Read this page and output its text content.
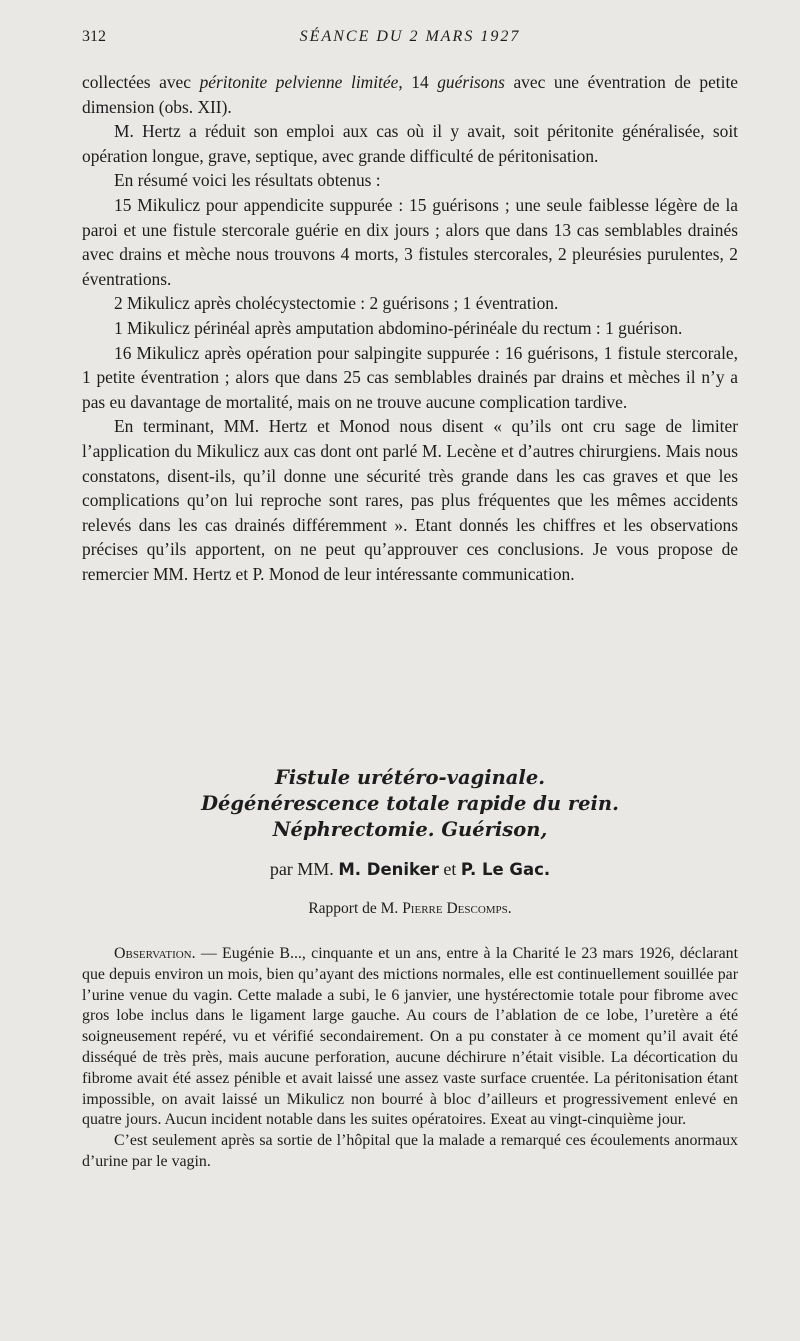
312	SÉANCE DU 2 MARS 1927

collectées avec péritonite pelvienne limitée, 14 guérisons avec une éventration de petite dimension (obs. XII).

M. Hertz a réduit son emploi aux cas où il y avait, soit péritonite généralisée, soit opération longue, grave, septique, avec grande difficulté de péritonisation.

En résumé voici les résultats obtenus :

15 Mikulicz pour appendicite suppurée : 15 guérisons ; une seule faiblesse légère de la paroi et une fistule stercorale guérie en dix jours ; alors que dans 13 cas semblables drainés avec drains et mèche nous trouvons 4 morts, 3 fistules stercorales, 2 pleurésies purulentes, 2 éventrations.

2 Mikulicz après cholécystectomie : 2 guérisons ; 1 éventration.

1 Mikulicz périnéal après amputation abdomino-périnéale du rectum : 1 guérison.

16 Mikulicz après opération pour salpingite suppurée : 16 guérisons, 1 fistule stercorale, 1 petite éventration ; alors que dans 25 cas semblables drainés par drains et mèches il n’y a pas eu davantage de mortalité, mais on ne trouve aucune complication tardive.

En terminant, MM. Hertz et Monod nous disent « qu’ils ont cru sage de limiter l’application du Mikulicz aux cas dont ont parlé M. Lecène et d’autres chirurgiens. Mais nous constatons, disent-ils, qu’il donne une sécurité très grande dans les cas graves et que les complications qu’on lui reproche sont rares, pas plus fréquentes que les mêmes accidents relevés dans les cas drainés différemment ». Etant donnés les chiffres et les observations précises qu’ils apportent, on ne peut qu’approuver ces conclusions. Je vous propose de remercier MM. Hertz et P. Monod de leur intéressante communication.

Fistule urétéro-vaginale.
Dégénérescence totale rapide du rein.
Néphrectomie. Guérison,
par MM. M. Deniker et P. Le Gac.
Rapport de M. Pierre Descomps.

Observation. — Eugénie B..., cinquante et un ans, entre à la Charité le 23 mars 1926, déclarant que depuis environ un mois, bien qu’ayant des mictions normales, elle est continuellement souillée par l’urine venue du vagin. Cette malade a subi, le 6 janvier, une hystérectomie totale pour fibrome avec gros lobe inclus dans le ligament large gauche. Au cours de l’ablation de ce lobe, l’uretère a été soigneusement repéré, vu et vérifié secondairement. On a pu constater à ce moment qu’il avait été disséqué de très près, mais aucune perforation, aucune déchirure n’était visible. La décortication du fibrome avait été assez pénible et avait laissé une assez vaste surface cruentée. La péritonisation étant impossible, on avait laissé un Mikulicz non bourré à bloc d’ailleurs et progressivement enlevé en quatre jours. Aucun incident notable dans les suites opératoires. Exeat au vingt-cinquième jour.

C’est seulement après sa sortie de l’hôpital que la malade a remarqué ces écoulements anormaux d’urine par le vagin.
